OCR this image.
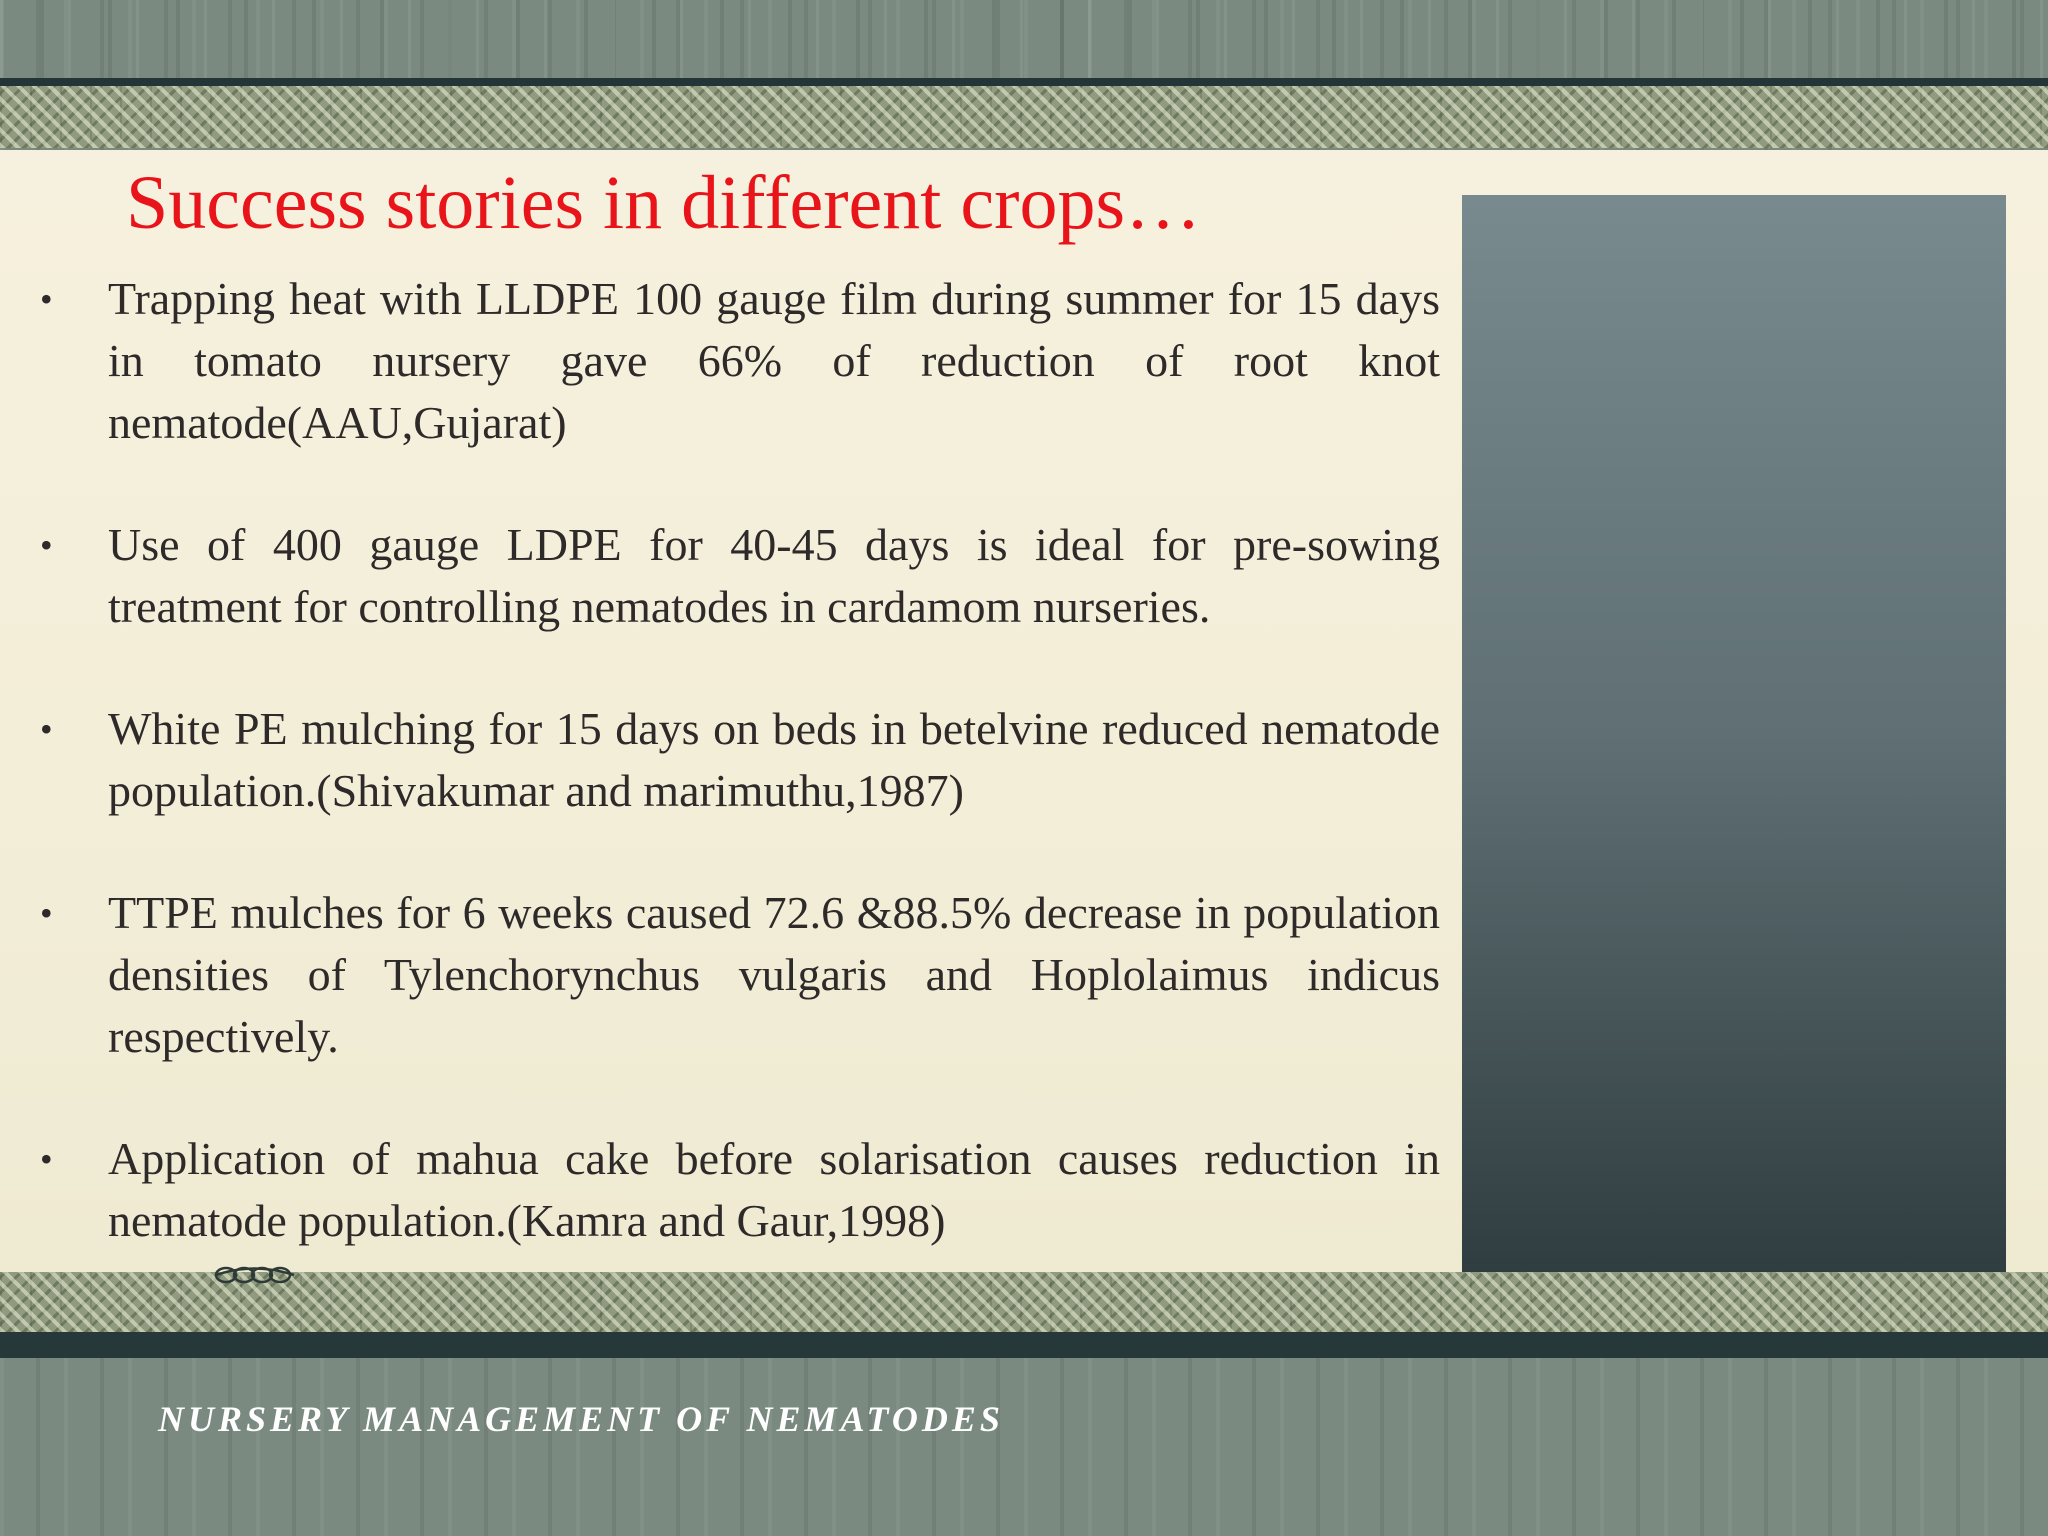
Success stories in different crops…
•	Trapping heat with LLDPE 100 gauge film during summer for 15 days in tomato nursery gave 66% of reduction of root knot nematode(AAU,Gujarat)
•	Use of 400 gauge LDPE for 40-45 days is ideal for pre-sowing treatment for controlling nematodes in cardamom nurseries.
•	White PE mulching for 15 days on beds in betelvine reduced nematode population.(Shivakumar and marimuthu,1987)
•	TTPE mulches for 6 weeks caused 72.6 &88.5% decrease in population densities of Tylenchorynchus vulgaris and Hoplolaimus indicus respectively.
•	Application of mahua cake before solarisation causes reduction in nematode population.(Kamra and Gaur,1998)
NURSERY MANAGEMENT OF NEMATODES
